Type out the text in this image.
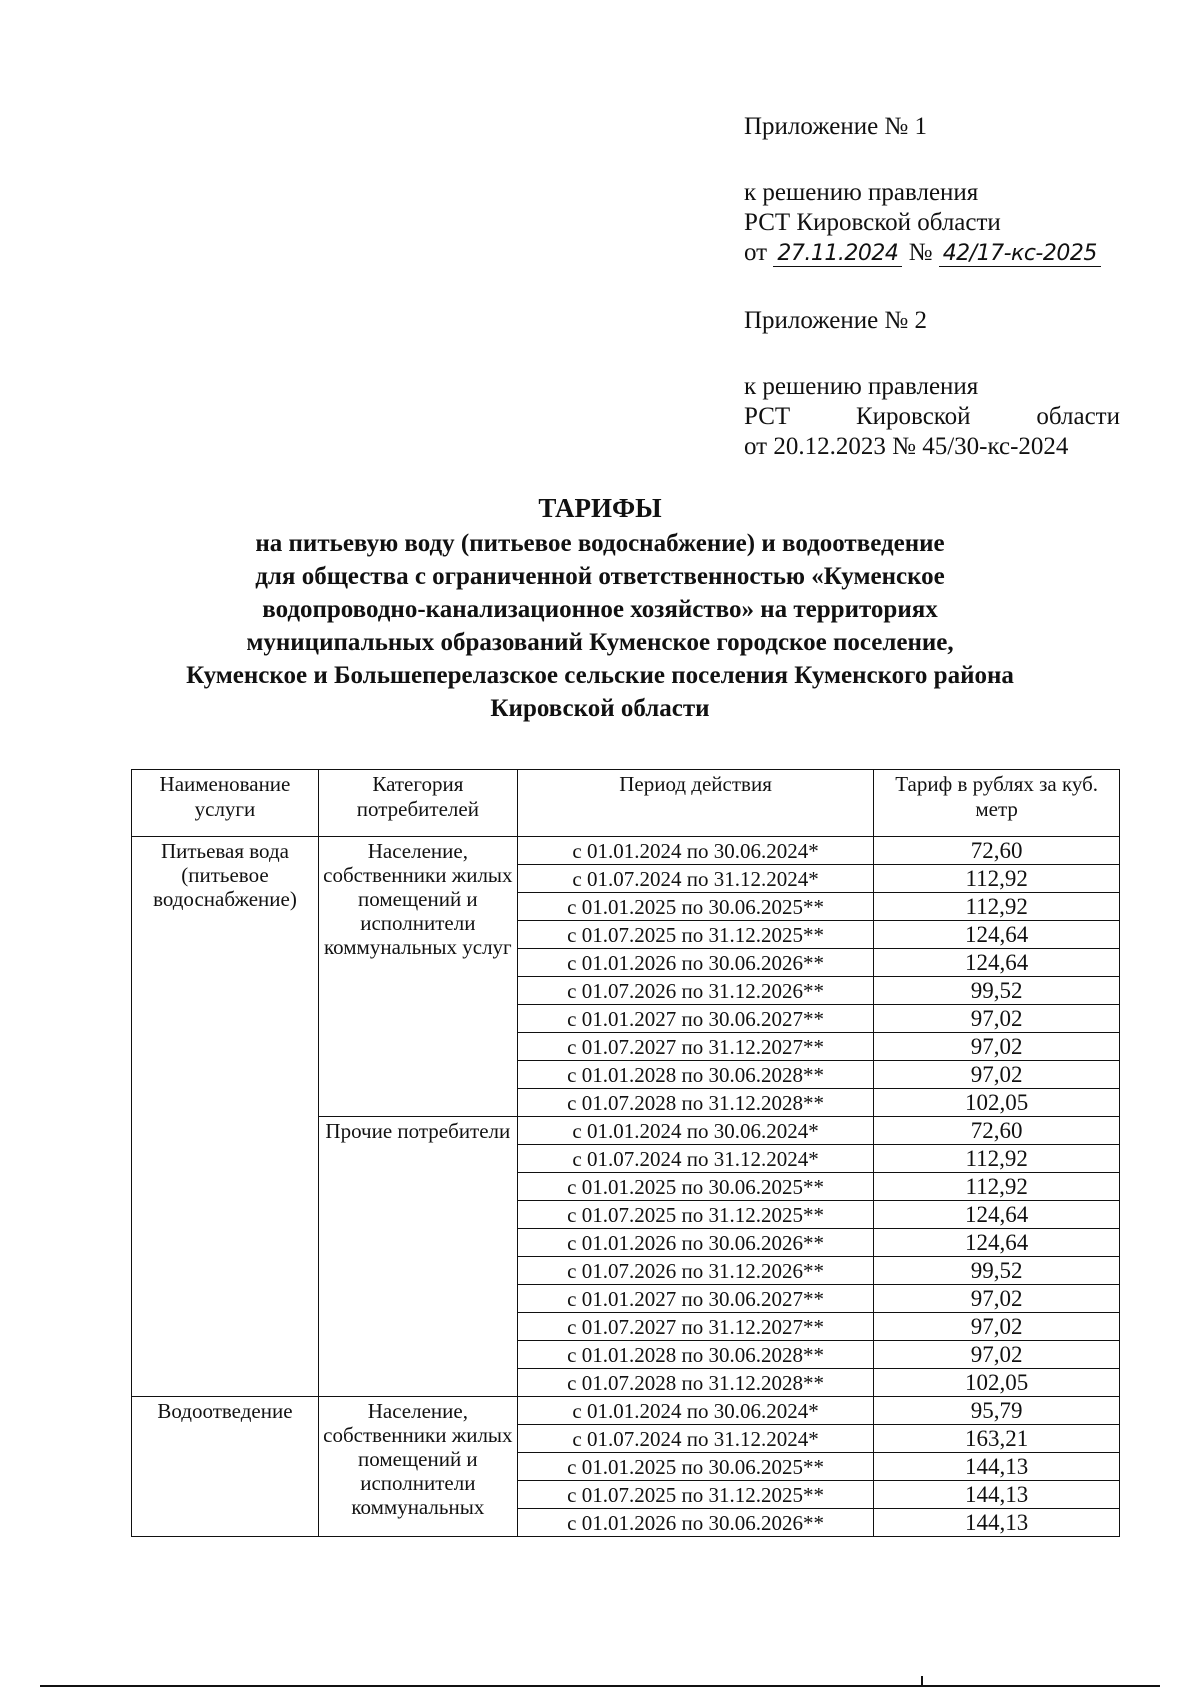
Приложение № 1

к решению правления

РСТ Кировской области

от 27.11.2024 № 42/17-кс-2025

Приложение № 2

к решению правления

РСТ	Кировской	области

от 20.12.2023 № 45/30-кс-2024

ТАРИФЫ

на питьевую воду (питьевое водоснабжение) и водоотведение

для общества с ограниченной ответственностью «Куменское

водопроводно-канализационное хозяйство» на территориях

муниципальных образований Куменское городское поселение,

Куменское и Большеперелазское сельские поселения Куменского района

Кировской области

Наименование услуги	Категория потребителей	Период действия	Тариф в рублях за куб. метр
Питьевая вода (питьевое водоснабжение)	Население, собственники жилых помещений и исполнители коммунальных услуг	с 01.01.2024 по 30.06.2024*	72,60
		с 01.07.2024 по 31.12.2024*	112,92
		с 01.01.2025 по 30.06.2025**	112,92
		с 01.07.2025 по 31.12.2025**	124,64
		с 01.01.2026 по 30.06.2026**	124,64
		с 01.07.2026 по 31.12.2026**	99,52
		с 01.01.2027 по 30.06.2027**	97,02
		с 01.07.2027 по 31.12.2027**	97,02
		с 01.01.2028 по 30.06.2028**	97,02
		с 01.07.2028 по 31.12.2028**	102,05
	Прочие потребители	с 01.01.2024 по 30.06.2024*	72,60
		с 01.07.2024 по 31.12.2024*	112,92
		с 01.01.2025 по 30.06.2025**	112,92
		с 01.07.2025 по 31.12.2025**	124,64
		с 01.01.2026 по 30.06.2026**	124,64
		с 01.07.2026 по 31.12.2026**	99,52
		с 01.01.2027 по 30.06.2027**	97,02
		с 01.07.2027 по 31.12.2027**	97,02
		с 01.01.2028 по 30.06.2028**	97,02
		с 01.07.2028 по 31.12.2028**	102,05
Водоотведение	Население, собственники жилых помещений и исполнители коммунальных	с 01.01.2024 по 30.06.2024*	95,79
		с 01.07.2024 по 31.12.2024*	163,21
		с 01.01.2025 по 30.06.2025**	144,13
		с 01.07.2025 по 31.12.2025**	144,13
		с 01.01.2026 по 30.06.2026**	144,13
